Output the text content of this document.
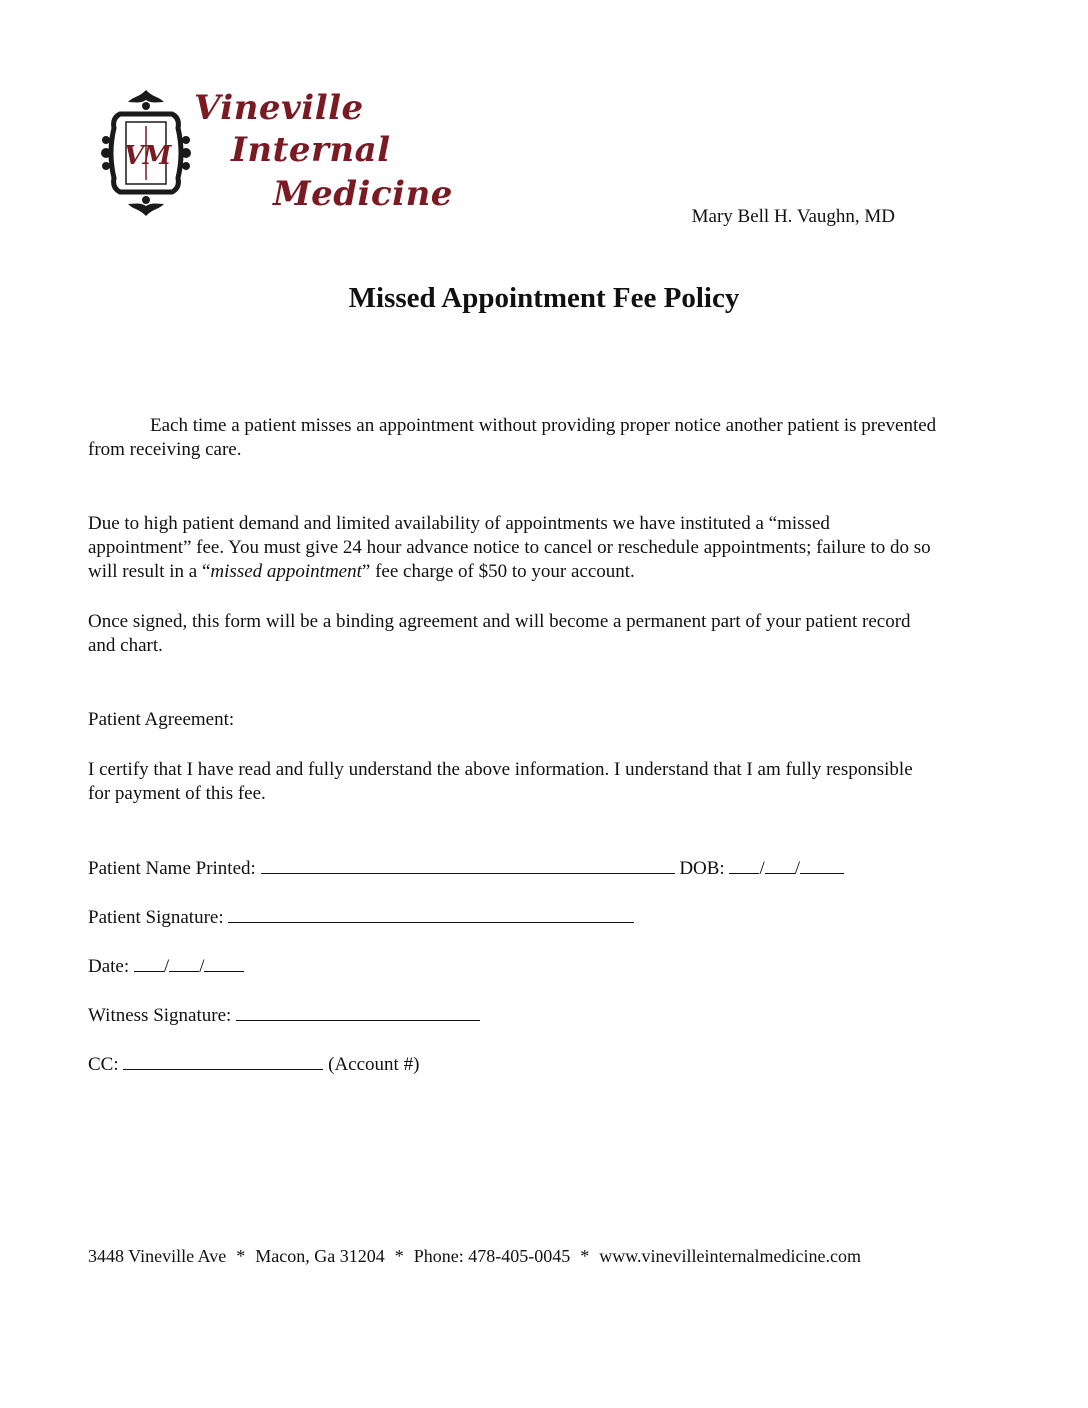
V
M
Vineville
Internal
Medicine
Mary Bell H. Vaughn, MD
Missed Appointment Fee Policy
Each time a patient misses an appointment without providing proper notice another patient is prevented from receiving care.
Due to high patient demand and limited availability of appointments we have instituted a “missed appointment” fee. You must give 24 hour advance notice to cancel or reschedule appointments; failure to do so will result in a “missed appointment” fee charge of $50 to your account.
Once signed, this form will be a binding agreement and will become a permanent part of your patient record and chart.
Patient Agreement:
I certify that I have read and fully understand the above information. I understand that I am fully responsible for payment of this fee.
Patient Name Printed:	DOB: / /
Patient Signature:
Date: / /
Witness Signature:
CC:	(Account #)
3448 Vineville Ave * Macon, Ga 31204 * Phone: 478-405-0045 * www.vinevilleinternalmedicine.com
